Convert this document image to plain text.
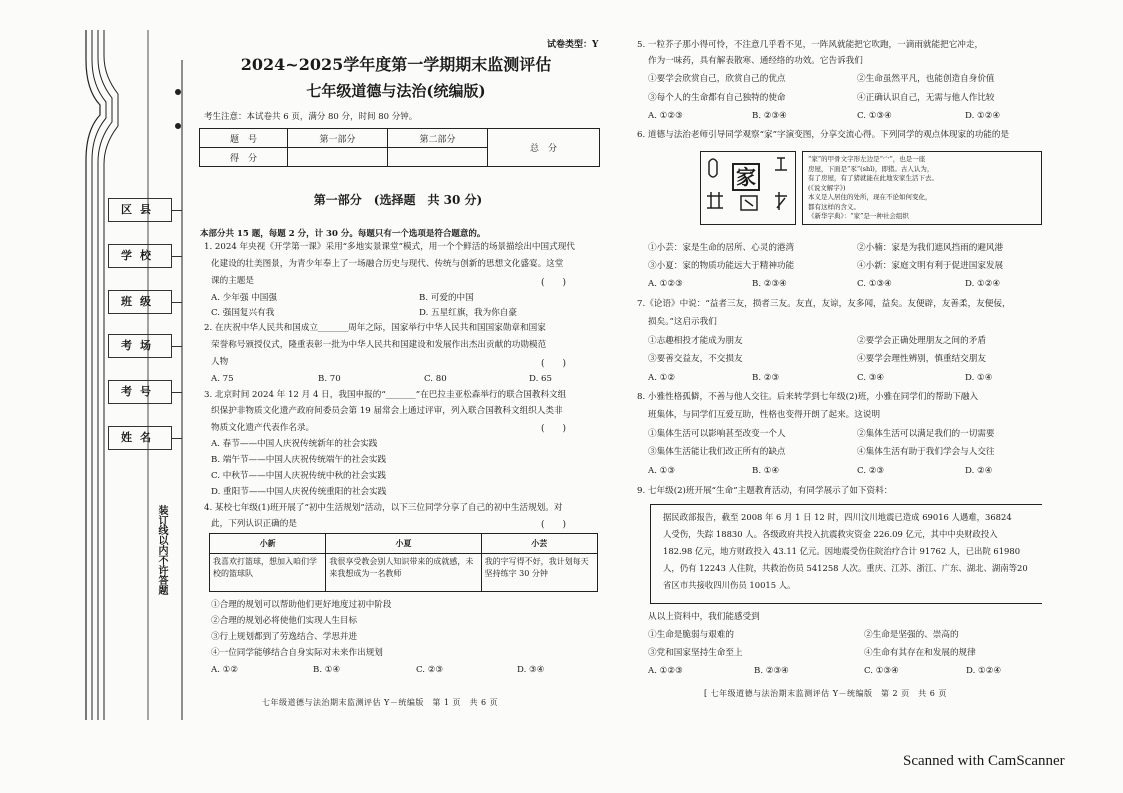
区县
学校
班级
考场
考号
姓名
装订线以内不许答题
试卷类型：Y
2024~2025学年度第一学期期末监测评估
七年级道德与法治(统编版)
考生注意：本试卷共 6 页，满分 80 分，时间 80 分钟。
题　号	第一部分	第二部分	总　分
得　分			
第一部分　(选择题　共 30 分)
本部分共 15 题，每题 2 分，计 30 分。每题只有一个选项是符合题意的。
1. 2024 年央视《开学第一课》采用“多地实景课堂”模式，用一个个鲜活的场景描绘出中国式现代
化建设的壮美图景，为青少年奉上了一场融合历史与现代、传统与创新的思想文化盛宴。这堂
课的主题是	(　　)
A. 少年强 中国强	B. 可爱的中国
C. 强国复兴有我	D. 五星红旗，我为你自豪
2. 在庆祝中华人民共和国成立_______周年之际，国家举行中华人民共和国国家勋章和国家
荣誉称号颁授仪式，隆重表彰一批为中华人民共和国建设和发展作出杰出贡献的功勋模范
人物	(　　)
A. 75	B. 70	C. 80	D. 65
3. 北京时间 2024 年 12 月 4 日，我国申报的“_______”在巴拉圭亚松森举行的联合国教科文组
织保护非物质文化遗产政府间委员会第 19 届常会上通过评审，列入联合国教科文组织人类非
物质文化遗产代表作名录。	(　　)
A. 春节——中国人庆祝传统新年的社会实践
B. 端午节——中国人庆祝传统端午的社会实践
C. 中秋节——中国人庆祝传统中秋的社会实践
D. 重阳节——中国人庆祝传统重阳的社会实践
4. 某校七年级(1)班开展了“初中生活规划”活动，以下三位同学分享了自己的初中生活规划。对
此，下列认识正确的是	(　　)
小新	小夏	小芸
我喜欢打篮球，想加入咱们学校的篮球队	我很享受教会别人知识带来的成就感，未来我想成为一名教师	我的字写得不好，我计划每天坚持练字 30 分钟
①合理的规划可以帮助他们更好地度过初中阶段
②合理的规划必将使他们实现人生目标
③行上规划都到了劳逸结合、学思并进
④一位同学能够结合自身实际对未来作出规划
A. ①②	B. ①④	C. ②③	D. ③④
七年级道德与法治期末监测评估 Y－统编版　第 1 页　共 6 页
5. 一粒芥子那小得可怜，不注意几乎看不见，一阵风就能把它吹跑，一滴雨就能把它冲走，
作为一味药，具有解表散寒、通经络的功效。它告诉我们
①要学会欣赏自己，欣赏自己的优点	②生命虽然平凡，也能创造自身价值
③每个人的生命都有自己独特的使命	④正确认识自己，无需与他人作比较
A. ①②③	B. ②③④	C. ①③④	D. ①②④
6. 道德与法治老师引导同学观察“家”字演变图，分享交流心得。下列同学的观点体现家的功能的是
家
“家”的甲骨文字形左边是“宀”，也是一座
房屋，下面是“豕”(shǐ)，即猪。古人认为，
有了房屋，有了猪就能在此地安家生活下去。
(《说文解字》)
本义是人居住的处所，现在不论如何变化，
都有这样的含义。
《新华字典》：“家”是一种社会组织
①小芸：家是生命的居所、心灵的港湾	②小楠：家是为我们遮风挡雨的避风港
③小夏：家的物质功能远大于精神功能	④小新：家庭文明有利于促进国家发展
A. ①②③	B. ②③④	C. ①③④	D. ①②④
7.《论语》中说：“益者三友，损者三友。友直，友谅，友多闻，益矣。友便辟，友善柔，友便佞，
损矣。”这启示我们
①志趣相投才能成为朋友	②要学会正确处理朋友之间的矛盾
③要善交益友，不交损友	④要学会理性辨别，慎重结交朋友
A. ①②	B. ②③	C. ③④	D. ①④
8. 小雅性格孤僻，不善与他人交往。后来转学到七年级(2)班，小雅在同学们的帮助下融入
班集体，与同学们互爱互助，性格也变得开朗了起来。这说明
①集体生活可以影响甚至改变一个人	②集体生活可以满足我们的一切需要
③集体生活能让我们改正所有的缺点	④集体生活有助于我们学会与人交往
A. ①③	B. ①④	C. ②③	D. ②④
9. 七年级(2)班开展“生命”主题教育活动，有同学展示了如下资料：
据民政部报告，截至 2008 年 6 月 1 日 12 时，四川汶川地震已造成 69016 人遇难，36824
人受伤，失踪 18830 人。各级政府共投入抗震救灾资金 226.09 亿元，其中中央财政投入
182.98 亿元，地方财政投入 43.11 亿元。因地震受伤住院治疗合计 91762 人，已出院 61980
人，仍有 12243 人住院，共救治伤员 541258 人次。重庆、江苏、浙江、广东、湖北、湖南等20
省区市共接收四川伤员 10015 人。
从以上资料中，我们能感受到
①生命是脆弱与艰难的	②生命是坚强的、崇高的
③党和国家坚持生命至上	④生命有其存在和发展的规律
A. ①②③	B. ②③④	C. ①③④	D. ①②④
[ 七年级道德与法治期末监测评估 Y－统编版　第 2 页　共 6 页
Scanned with CamScanner
